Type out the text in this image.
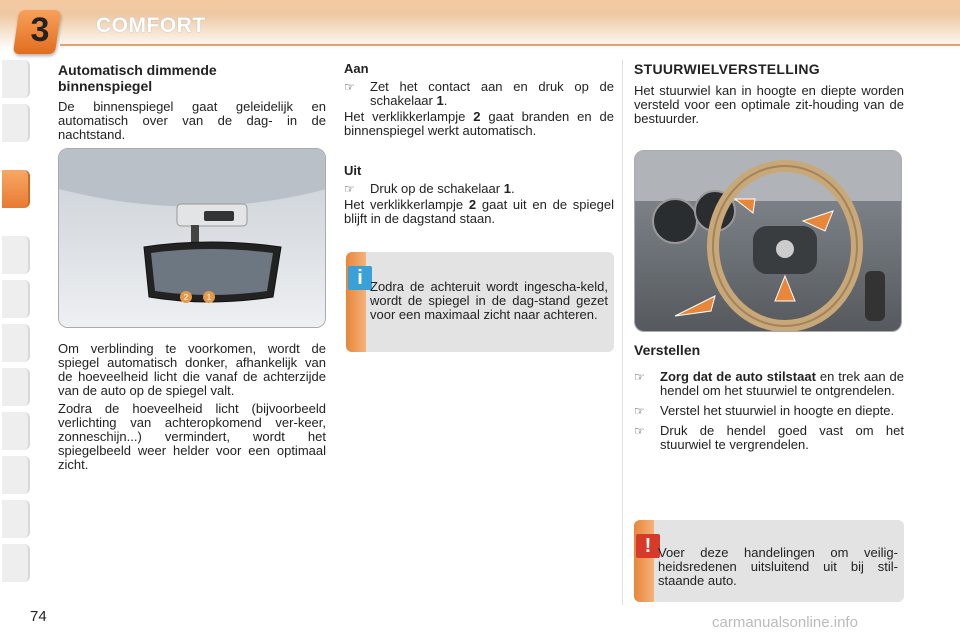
3 COMFORT
Automatisch dimmende
binnenspiegel

De binnenspiegel gaat geleidelijk en automatisch over van de dag- in de nachtstand.

2 1

Om verblinding te voorkomen, wordt de spiegel automatisch donker, afhankelijk van de hoeveelheid licht die vanaf de achterzijde van de auto op de spiegel valt.

Zodra de hoeveelheid licht (bijvoorbeeld verlichting van achteropkomend ver-keer, zonneschijn...) vermindert, wordt het spiegelbeeld weer helder voor een optimaal zicht.

Aan
☞	Zet het contact aan en druk op de schakelaar 1.

Het verklikkerlampje 2 gaat branden en de binnenspiegel werkt automatisch.

Uit
☞	Druk op de schakelaar 1.

Het verklikkerlampje 2 gaat uit en de spiegel blijft in de dagstand staan.

i Zodra de achteruit wordt ingescha-keld, wordt de spiegel in de dag-stand gezet voor een maximaal zicht naar achteren.
STUURWIELVERSTELLING

Het stuurwiel kan in hoogte en diepte worden versteld voor een optimale zit-houding van de bestuurder.

Verstellen
☞	Zorg dat de auto stilstaat en trek aan de hendel om het stuurwiel te ontgrendelen.
☞	Verstel het stuurwiel in hoogte en diepte.
☞	Druk de hendel goed vast om het stuurwiel te vergrendelen.
! Voer deze handelingen om veilig-heidsredenen uitsluitend uit bij stil-staande auto.
74	carmanualsonline.info
